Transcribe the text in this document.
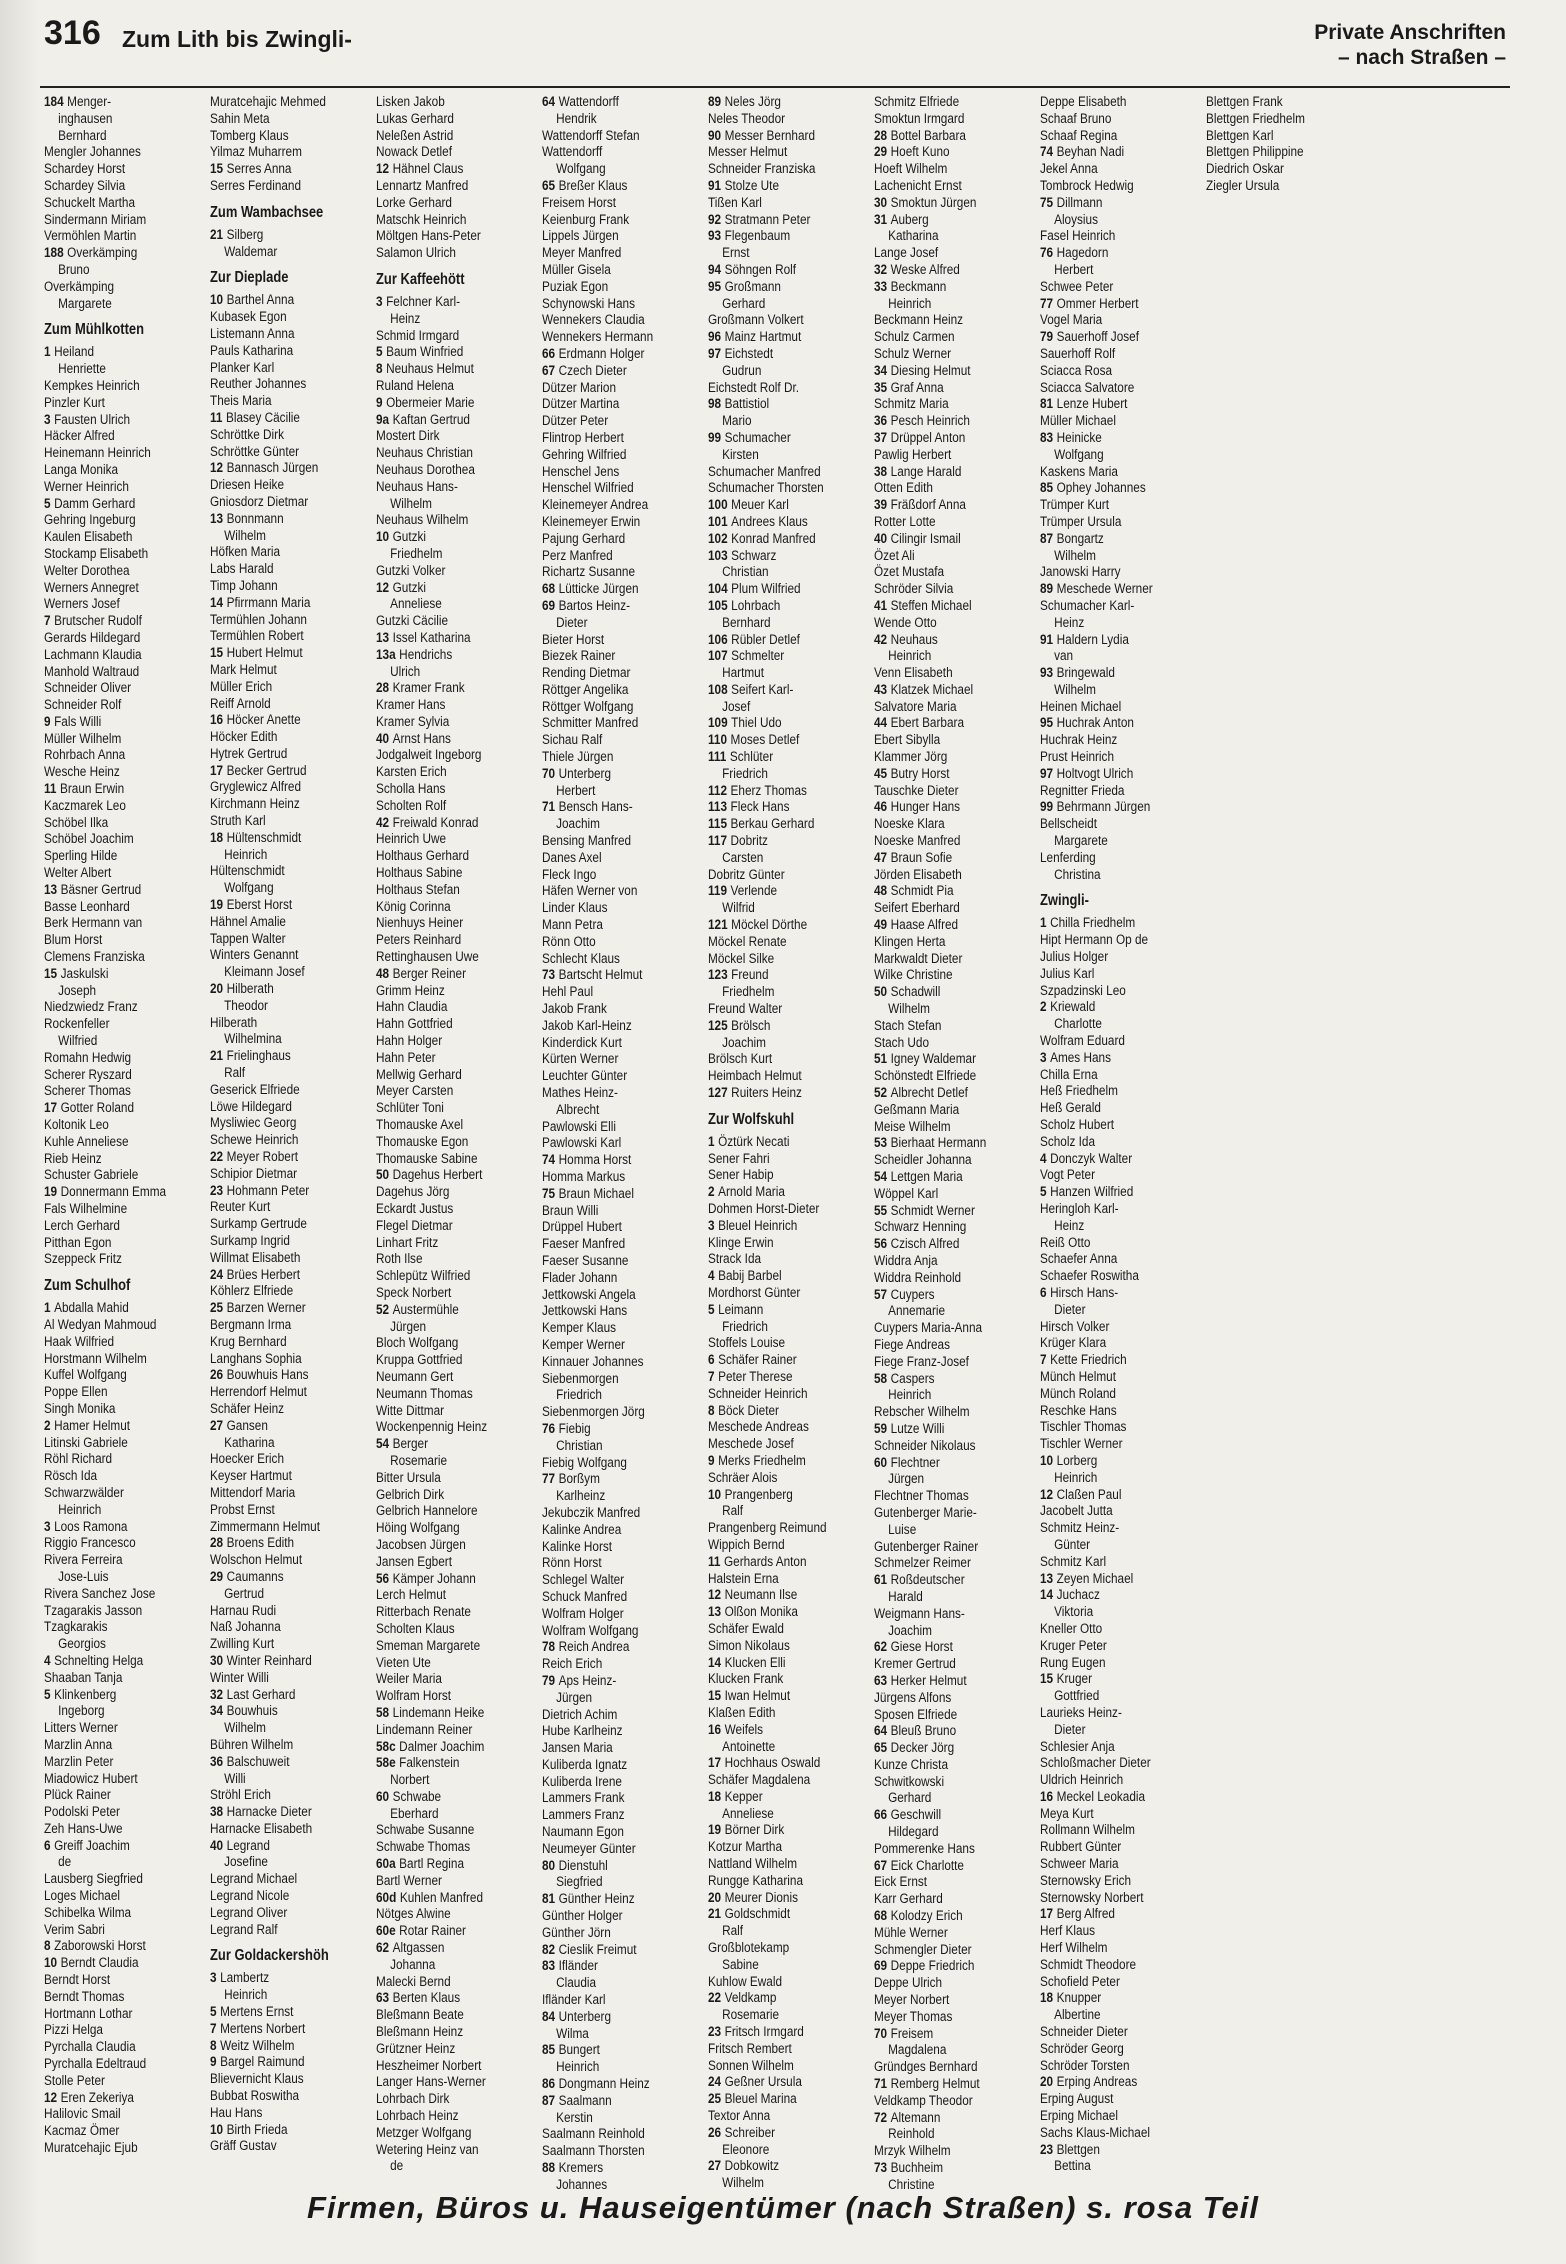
316 Zum Lith bis Zwingli-	Private Anschriften
– nach Straßen –
184 Menger-
inghausen
Bernhard
Mengler Johannes
Schardey Horst
Schardey Silvia
Schuckelt Martha
Sindermann Miriam
Vermöhlen Martin
188 Overkämping
Bruno
Overkämping
Margarete
Zum Mühlkotten
1 Heiland
Henriette
Kempkes Heinrich
Pinzler Kurt
3 Fausten Ulrich
Häcker Alfred
Heinemann Heinrich
Langa Monika
Werner Heinrich
5 Damm Gerhard
Gehring Ingeburg
Kaulen Elisabeth
Stockamp Elisabeth
Welter Dorothea
Werners Annegret
Werners Josef
7 Brutscher Rudolf
Gerards Hildegard
Lachmann Klaudia
Manhold Waltraud
Schneider Oliver
Schneider Rolf
9 Fals Willi
Müller Wilhelm
Rohrbach Anna
Wesche Heinz
11 Braun Erwin
Kaczmarek Leo
Schöbel Ilka
Schöbel Joachim
Sperling Hilde
Welter Albert
13 Bäsner Gertrud
Basse Leonhard
Berk Hermann van
Blum Horst
Clemens Franziska
15 Jaskulski
Joseph
Niedzwiedz Franz
Rockenfeller
Wilfried
Romahn Hedwig
Scherer Ryszard
Scherer Thomas
17 Gotter Roland
Koltonik Leo
Kuhle Anneliese
Rieb Heinz
Schuster Gabriele
19 Donnermann Emma
Fals Wilhelmine
Lerch Gerhard
Pitthan Egon
Szeppeck Fritz
Zum Schulhof
1 Abdalla Mahid
Al Wedyan Mahmoud
Haak Wilfried
Horstmann Wilhelm
Kuffel Wolfgang
Poppe Ellen
Singh Monika
2 Hamer Helmut
Litinski Gabriele
Röhl Richard
Rösch Ida
Schwarzwälder
Heinrich
3 Loos Ramona
Riggio Francesco
Rivera Ferreira
Jose-Luis
Rivera Sanchez Jose
Tzagarakis Jasson
Tzagkarakis
Georgios
4 Schnelting Helga
Shaaban Tanja
5 Klinkenberg
Ingeborg
Litters Werner
Marzlin Anna
Marzlin Peter
Miadowicz Hubert
Plück Rainer
Podolski Peter
Zeh Hans-Uwe
6 Greiff Joachim
de
Lausberg Siegfried
Loges Michael
Schibelka Wilma
Verim Sabri
8 Zaborowski Horst
10 Berndt Claudia
Berndt Horst
Berndt Thomas
Hortmann Lothar
Pizzi Helga
Pyrchalla Claudia
Pyrchalla Edeltraud
Stolle Peter
12 Eren Zekeriya
Halilovic Smail
Kacmaz Ömer
Muratcehajic Ejub
Muratcehajic Mehmed
Sahin Meta
Tomberg Klaus
Yilmaz Muharrem
15 Serres Anna
Serres Ferdinand
Zum Wambachsee
21 Silberg
Waldemar
Zur Dieplade
10 Barthel Anna
Kubasek Egon
Listemann Anna
Pauls Katharina
Planker Karl
Reuther Johannes
Theis Maria
11 Blasey Cäcilie
Schröttke Dirk
Schröttke Günter
12 Bannasch Jürgen
Driesen Heike
Gniosdorz Dietmar
13 Bonnmann
Wilhelm
Höfken Maria
Labs Harald
Timp Johann
14 Pfirrmann Maria
Termühlen Johann
Termühlen Robert
15 Hubert Helmut
Mark Helmut
Müller Erich
Reiff Arnold
16 Höcker Anette
Höcker Edith
Hytrek Gertrud
17 Becker Gertrud
Gryglewicz Alfred
Kirchmann Heinz
Struth Karl
18 Hültenschmidt
Heinrich
Hültenschmidt
Wolfgang
19 Eberst Horst
Hähnel Amalie
Tappen Walter
Winters Genannt
Kleimann Josef
20 Hilberath
Theodor
Hilberath
Wilhelmina
21 Frielinghaus
Ralf
Geserick Elfriede
Löwe Hildegard
Mysliwiec Georg
Schewe Heinrich
22 Meyer Robert
Schipior Dietmar
23 Hohmann Peter
Reuter Kurt
Surkamp Gertrude
Surkamp Ingrid
Willmat Elisabeth
24 Brües Herbert
Köhlerz Elfriede
25 Barzen Werner
Bergmann Irma
Krug Bernhard
Langhans Sophia
26 Bouwhuis Hans
Herrendorf Helmut
Schäfer Heinz
27 Gansen
Katharina
Hoecker Erich
Keyser Hartmut
Mittendorf Maria
Probst Ernst
Zimmermann Helmut
28 Broens Edith
Wolschon Helmut
29 Caumanns
Gertrud
Harnau Rudi
Naß Johanna
Zwilling Kurt
30 Winter Reinhard
Winter Willi
32 Last Gerhard
34 Bouwhuis
Wilhelm
Bühren Wilhelm
36 Balschuweit
Willi
Ströhl Erich
38 Harnacke Dieter
Harnacke Elisabeth
40 Legrand
Josefine
Legrand Michael
Legrand Nicole
Legrand Oliver
Legrand Ralf
Zur Goldackershöh
3 Lambertz
Heinrich
5 Mertens Ernst
7 Mertens Norbert
8 Weitz Wilhelm
9 Bargel Raimund
Blievernicht Klaus
Bubbat Roswitha
Hau Hans
10 Birth Frieda
Gräff Gustav
Lisken Jakob
Lukas Gerhard
Neleßen Astrid
Nowack Detlef
12 Hähnel Claus
Lennartz Manfred
Lorke Gerhard
Matschk Heinrich
Möltgen Hans-Peter
Salamon Ulrich
Zur Kaffeehött
3 Felchner Karl-
Heinz
Schmid Irmgard
5 Baum Winfried
8 Neuhaus Helmut
Ruland Helena
9 Obermeier Marie
9a Kaftan Gertrud
Mostert Dirk
Neuhaus Christian
Neuhaus Dorothea
Neuhaus Hans-
Wilhelm
Neuhaus Wilhelm
10 Gutzki
Friedhelm
Gutzki Volker
12 Gutzki
Anneliese
Gutzki Cäcilie
13 Issel Katharina
13a Hendrichs
Ulrich
28 Kramer Frank
Kramer Hans
Kramer Sylvia
40 Arnst Hans
Jodgalweit Ingeborg
Karsten Erich
Scholla Hans
Scholten Rolf
42 Freiwald Konrad
Heinrich Uwe
Holthaus Gerhard
Holthaus Sabine
Holthaus Stefan
König Corinna
Nienhuys Heiner
Peters Reinhard
Rettinghausen Uwe
48 Berger Reiner
Grimm Heinz
Hahn Claudia
Hahn Gottfried
Hahn Holger
Hahn Peter
Mellwig Gerhard
Meyer Carsten
Schlüter Toni
Thomauske Axel
Thomauske Egon
Thomauske Sabine
50 Dagehus Herbert
Dagehus Jörg
Eckardt Justus
Flegel Dietmar
Linhart Fritz
Roth Ilse
Schlepütz Wilfried
Speck Norbert
52 Austermühle
Jürgen
Bloch Wolfgang
Kruppa Gottfried
Neumann Gert
Neumann Thomas
Witte Dittmar
Wockenpennig Heinz
54 Berger
Rosemarie
Bitter Ursula
Gelbrich Dirk
Gelbrich Hannelore
Höing Wolfgang
Jacobsen Jürgen
Jansen Egbert
56 Kämper Johann
Lerch Helmut
Ritterbach Renate
Scholten Klaus
Smeman Margarete
Vieten Ute
Weiler Maria
Wolfram Horst
58 Lindemann Heike
Lindemann Reiner
58c Dalmer Joachim
58e Falkenstein
Norbert
60 Schwabe
Eberhard
Schwabe Susanne
Schwabe Thomas
60a Bartl Regina
Bartl Werner
60d Kuhlen Manfred
Nötges Alwine
60e Rotar Rainer
62 Altgassen
Johanna
Malecki Bernd
63 Berten Klaus
Bleßmann Beate
Bleßmann Heinz
Grützner Heinz
Heszheimer Norbert
Langer Hans-Werner
Lohrbach Dirk
Lohrbach Heinz
Metzger Wolfgang
Wetering Heinz van
de
64 Wattendorff
Hendrik
Wattendorff Stefan
Wattendorff
Wolfgang
65 Breßer Klaus
Freisem Horst
Keienburg Frank
Lippels Jürgen
Meyer Manfred
Müller Gisela
Puziak Egon
Schynowski Hans
Wennekers Claudia
Wennekers Hermann
66 Erdmann Holger
67 Czech Dieter
Dützer Marion
Dützer Martina
Dützer Peter
Flintrop Herbert
Gehring Wilfried
Henschel Jens
Henschel Wilfried
Kleinemeyer Andrea
Kleinemeyer Erwin
Pajung Gerhard
Perz Manfred
Richartz Susanne
68 Lütticke Jürgen
69 Bartos Heinz-
Dieter
Bieter Horst
Biezek Rainer
Rending Dietmar
Röttger Angelika
Röttger Wolfgang
Schmitter Manfred
Sichau Ralf
Thiele Jürgen
70 Unterberg
Herbert
71 Bensch Hans-
Joachim
Bensing Manfred
Danes Axel
Fleck Ingo
Häfen Werner von
Linder Klaus
Mann Petra
Rönn Otto
Schlecht Klaus
73 Bartscht Helmut
Hehl Paul
Jakob Frank
Jakob Karl-Heinz
Kinderdick Kurt
Kürten Werner
Leuchter Günter
Mathes Heinz-
Albrecht
Pawlowski Elli
Pawlowski Karl
74 Homma Horst
Homma Markus
75 Braun Michael
Braun Willi
Drüppel Hubert
Faeser Manfred
Faeser Susanne
Flader Johann
Jettkowski Angela
Jettkowski Hans
Kemper Klaus
Kemper Werner
Kinnauer Johannes
Siebenmorgen
Friedrich
Siebenmorgen Jörg
76 Fiebig
Christian
Fiebig Wolfgang
77 Borßym
Karlheinz
Jekubczik Manfred
Kalinke Andrea
Kalinke Horst
Rönn Horst
Schlegel Walter
Schuck Manfred
Wolfram Holger
Wolfram Wolfgang
78 Reich Andrea
Reich Erich
79 Aps Heinz-
Jürgen
Dietrich Achim
Hube Karlheinz
Jansen Maria
Kuliberda Ignatz
Kuliberda Irene
Lammers Frank
Lammers Franz
Naumann Egon
Neumeyer Günter
80 Dienstuhl
Siegfried
81 Günther Heinz
Günther Holger
Günther Jörn
82 Cieslik Freimut
83 Ifländer
Claudia
Ifländer Karl
84 Unterberg
Wilma
85 Bungert
Heinrich
86 Dongmann Heinz
87 Saalmann
Kerstin
Saalmann Reinhold
Saalmann Thorsten
88 Kremers
Johannes
89 Neles Jörg
Neles Theodor
90 Messer Bernhard
Messer Helmut
Schneider Franziska
91 Stolze Ute
Tißen Karl
92 Stratmann Peter
93 Flegenbaum
Ernst
94 Söhngen Rolf
95 Großmann
Gerhard
Großmann Volkert
96 Mainz Hartmut
97 Eichstedt
Gudrun
Eichstedt Rolf Dr.
98 Battistiol
Mario
99 Schumacher
Kirsten
Schumacher Manfred
Schumacher Thorsten
100 Meuer Karl
101 Andrees Klaus
102 Konrad Manfred
103 Schwarz
Christian
104 Plum Wilfried
105 Lohrbach
Bernhard
106 Rübler Detlef
107 Schmelter
Hartmut
108 Seifert Karl-
Josef
109 Thiel Udo
110 Moses Detlef
111 Schlüter
Friedrich
112 Eherz Thomas
113 Fleck Hans
115 Berkau Gerhard
117 Dobritz
Carsten
Dobritz Günter
119 Verlende
Wilfrid
121 Möckel Dörthe
Möckel Renate
Möckel Silke
123 Freund
Friedhelm
Freund Walter
125 Brölsch
Joachim
Brölsch Kurt
Heimbach Helmut
127 Ruiters Heinz
Zur Wolfskuhl
1 Öztürk Necati
Sener Fahri
Sener Habip
2 Arnold Maria
Dohmen Horst-Dieter
3 Bleuel Heinrich
Klinge Erwin
Strack Ida
4 Babij Barbel
Mordhorst Günter
5 Leimann
Friedrich
Stoffels Louise
6 Schäfer Rainer
7 Peter Therese
Schneider Heinrich
8 Böck Dieter
Meschede Andreas
Meschede Josef
9 Merks Friedhelm
Schräer Alois
10 Prangenberg
Ralf
Prangenberg Reimund
Wippich Bernd
11 Gerhards Anton
Halstein Erna
12 Neumann Ilse
13 Olßon Monika
Schäfer Ewald
Simon Nikolaus
14 Klucken Elli
Klucken Frank
15 Iwan Helmut
Klaßen Edith
16 Weifels
Antoinette
17 Hochhaus Oswald
Schäfer Magdalena
18 Kepper
Anneliese
19 Börner Dirk
Kotzur Martha
Nattland Wilhelm
Rungge Katharina
20 Meurer Dionis
21 Goldschmidt
Ralf
Großblotekamp
Sabine
Kuhlow Ewald
22 Veldkamp
Rosemarie
23 Fritsch Irmgard
Fritsch Rembert
Sonnen Wilhelm
24 Geßner Ursula
25 Bleuel Marina
Textor Anna
26 Schreiber
Eleonore
27 Dobkowitz
Wilhelm
Schmitz Elfriede
Smoktun Irmgard
28 Bottel Barbara
29 Hoeft Kuno
Hoeft Wilhelm
Lachenicht Ernst
30 Smoktun Jürgen
31 Auberg
Katharina
Lange Josef
32 Weske Alfred
33 Beckmann
Heinrich
Beckmann Heinz
Schulz Carmen
Schulz Werner
34 Diesing Helmut
35 Graf Anna
Schmitz Maria
36 Pesch Heinrich
37 Drüppel Anton
Pawlig Herbert
38 Lange Harald
Otten Edith
39 Fräßdorf Anna
Rotter Lotte
40 Cilingir Ismail
Özet Ali
Özet Mustafa
Schröder Silvia
41 Steffen Michael
Wende Otto
42 Neuhaus
Heinrich
Venn Elisabeth
43 Klatzek Michael
Salvatore Maria
44 Ebert Barbara
Ebert Sibylla
Klammer Jörg
45 Butry Horst
Tauschke Dieter
46 Hunger Hans
Noeske Klara
Noeske Manfred
47 Braun Sofie
Jörden Elisabeth
48 Schmidt Pia
Seifert Eberhard
49 Haase Alfred
Klingen Herta
Markwaldt Dieter
Wilke Christine
50 Schadwill
Wilhelm
Stach Stefan
Stach Udo
51 Igney Waldemar
Schönstedt Elfriede
52 Albrecht Detlef
Geßmann Maria
Meise Wilhelm
53 Bierhaat Hermann
Scheidler Johanna
54 Lettgen Maria
Wöppel Karl
55 Schmidt Werner
Schwarz Henning
56 Czisch Alfred
Widdra Anja
Widdra Reinhold
57 Cuypers
Annemarie
Cuypers Maria-Anna
Fiege Andreas
Fiege Franz-Josef
58 Caspers
Heinrich
Rebscher Wilhelm
59 Lutze Willi
Schneider Nikolaus
60 Flechtner
Jürgen
Flechtner Thomas
Gutenberger Marie-
Luise
Gutenberger Rainer
Schmelzer Reimer
61 Roßdeutscher
Harald
Weigmann Hans-
Joachim
62 Giese Horst
Kremer Gertrud
63 Herker Helmut
Jürgens Alfons
Sposen Elfriede
64 Bleuß Bruno
65 Decker Jörg
Kunze Christa
Schwitkowski
Gerhard
66 Geschwill
Hildegard
Pommerenke Hans
67 Eick Charlotte
Eick Ernst
Karr Gerhard
68 Kolodzy Erich
Mühle Werner
Schmengler Dieter
69 Deppe Friedrich
Deppe Ulrich
Meyer Norbert
Meyer Thomas
70 Freisem
Magdalena
Gründges Bernhard
71 Remberg Helmut
Veldkamp Theodor
72 Altemann
Reinhold
Mrzyk Wilhelm
73 Buchheim
Christine
Deppe Elisabeth
Schaaf Bruno
Schaaf Regina
74 Beyhan Nadi
Jekel Anna
Tombrock Hedwig
75 Dillmann
Aloysius
Fasel Heinrich
76 Hagedorn
Herbert
Schwee Peter
77 Ommer Herbert
Vogel Maria
79 Sauerhoff Josef
Sauerhoff Rolf
Sciacca Rosa
Sciacca Salvatore
81 Lenze Hubert
Müller Michael
83 Heinicke
Wolfgang
Kaskens Maria
85 Ophey Johannes
Trümper Kurt
Trümper Ursula
87 Bongartz
Wilhelm
Janowski Harry
89 Meschede Werner
Schumacher Karl-
Heinz
91 Haldern Lydia
van
93 Bringewald
Wilhelm
Heinen Michael
95 Huchrak Anton
Huchrak Heinz
Prust Heinrich
97 Holtvogt Ulrich
Regnitter Frieda
99 Behrmann Jürgen
Bellscheidt
Margarete
Lenferding
Christina
Zwingli-
1 Chilla Friedhelm
Hipt Hermann Op de
Julius Holger
Julius Karl
Szpadzinski Leo
2 Kriewald
Charlotte
Wolfram Eduard
3 Ames Hans
Chilla Erna
Heß Friedhelm
Heß Gerald
Scholz Hubert
Scholz Ida
4 Donczyk Walter
Vogt Peter
5 Hanzen Wilfried
Heringloh Karl-
Heinz
Reiß Otto
Schaefer Anna
Schaefer Roswitha
6 Hirsch Hans-
Dieter
Hirsch Volker
Krüger Klara
7 Kette Friedrich
Münch Helmut
Münch Roland
Reschke Hans
Tischler Thomas
Tischler Werner
10 Lorberg
Heinrich
12 Claßen Paul
Jacobelt Jutta
Schmitz Heinz-
Günter
Schmitz Karl
13 Zeyen Michael
14 Juchacz
Viktoria
Kneller Otto
Kruger Peter
Rung Eugen
15 Kruger
Gottfried
Laurieks Heinz-
Dieter
Schlesier Anja
Schloßmacher Dieter
Uldrich Heinrich
16 Meckel Leokadia
Meya Kurt
Rollmann Wilhelm
Rubbert Günter
Schweer Maria
Sternowsky Erich
Sternowsky Norbert
17 Berg Alfred
Herf Klaus
Herf Wilhelm
Schmidt Theodore
Schofield Peter
18 Knupper
Albertine
Schneider Dieter
Schröder Georg
Schröder Torsten
20 Erping Andreas
Erping August
Erping Michael
Sachs Klaus-Michael
23 Blettgen
Bettina
Blettgen Frank
Blettgen Friedhelm
Blettgen Karl
Blettgen Philippine
Diedrich Oskar
Ziegler Ursula
Firmen, Büros u. Hauseigentümer (nach Straßen) s. rosa Teil
